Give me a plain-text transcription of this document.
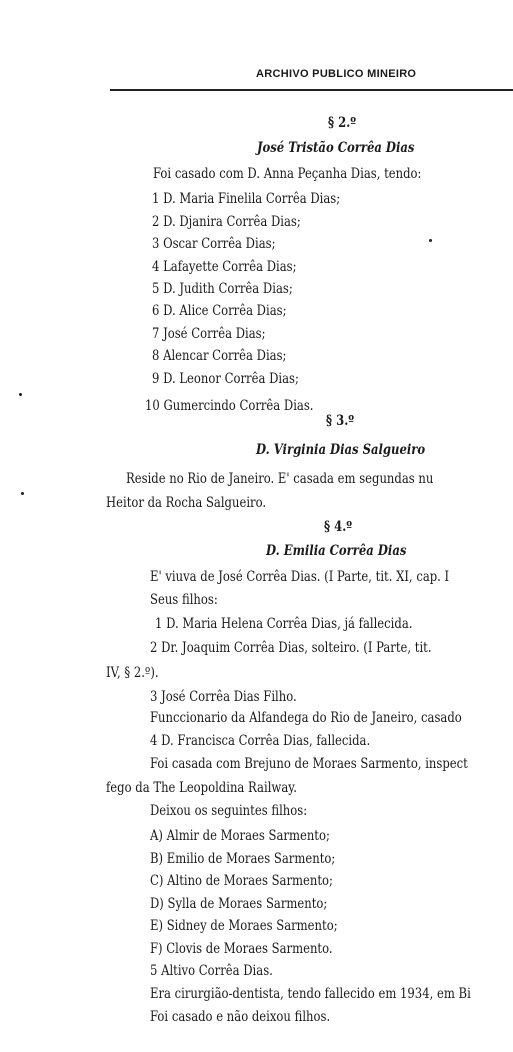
ARCHIVO PUBLICO MINEIRO
§ 2.º
José Tristão Corrêa Dias
Foi casado com D. Anna Peçanha Dias, tendo:
1 D. Maria Finelila Corrêa Dias;
2 D. Djanira Corrêa Dias;
3 Oscar Corrêa Dias;
4 Lafayette Corrêa Dias;
5 D. Judith Corrêa Dias;
6 D. Alice Corrêa Dias;
7 José Corrêa Dias;
8 Alencar Corrêa Dias;
9 D. Leonor Corrêa Dias;
10 Gumercindo Corrêa Dias.
§ 3.º
D. Virginia Dias Salgueiro
Reside no Rio de Janeiro. E' casada em segundas nu
Heitor da Rocha Salgueiro.
§ 4.º
D. Emilia Corrêa Dias
E' viuva de José Corrêa Dias. (I Parte, tit. XI, cap. I
Seus filhos:
1 D. Maria Helena Corrêa Dias, já fallecida.
2 Dr. Joaquim Corrêa Dias, solteiro. (I Parte, tit.
IV, § 2.º).
3 José Corrêa Dias Filho.
Funccionario da Alfandega do Rio de Janeiro, casado
4 D. Francisca Corrêa Dias, fallecida.
Foi casada com Brejuno de Moraes Sarmento, inspect
fego da The Leopoldina Railway.
Deixou os seguintes filhos:
A) Almir de Moraes Sarmento;
B) Emilio de Moraes Sarmento;
C) Altino de Moraes Sarmento;
D) Sylla de Moraes Sarmento;
E) Sidney de Moraes Sarmento;
F) Clovis de Moraes Sarmento.
5 Altivo Corrêa Dias.
Era cirurgião-dentista, tendo fallecido em 1934, em Bi
Foi casado e não deixou filhos.
